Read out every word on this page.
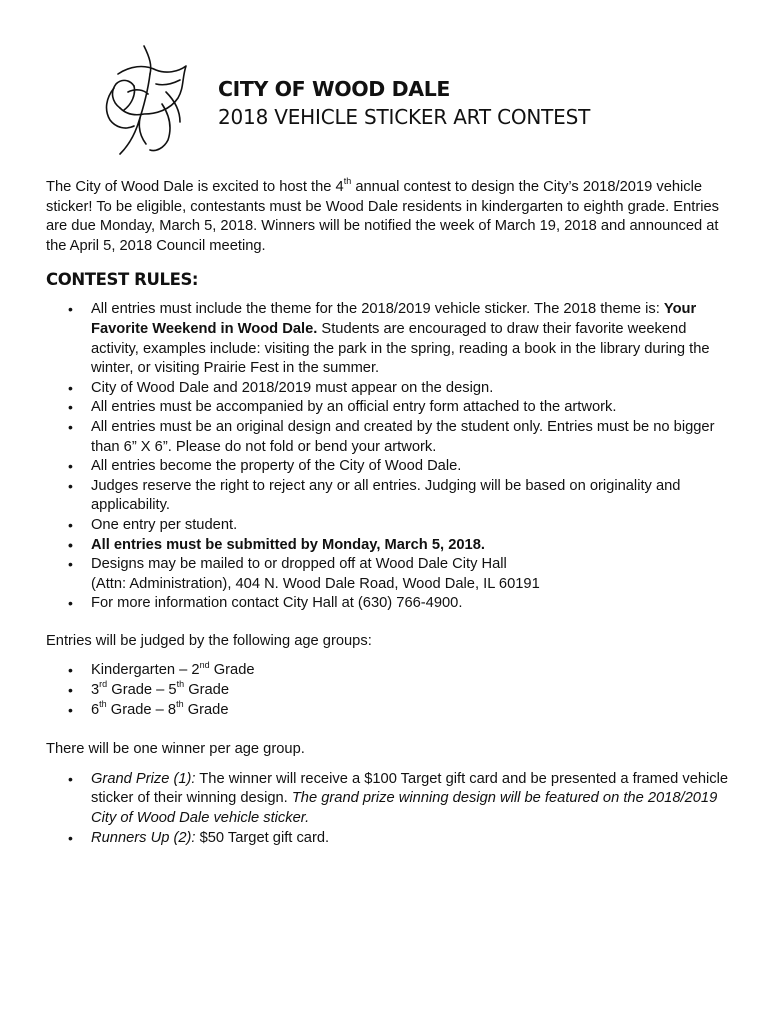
CITY OF WOOD DALE
2018 VEHICLE STICKER ART CONTEST

The City of Wood Dale is excited to host the 4th annual contest to design the City’s 2018/2019 vehicle sticker! To be eligible, contestants must be Wood Dale residents in kindergarten to eighth grade. Entries are due Monday, March 5, 2018. Winners will be notified the week of March 19, 2018 and announced at the April 5, 2018 Council meeting.

CONTEST RULES:
• All entries must include the theme for the 2018/2019 vehicle sticker. The 2018 theme is: Your Favorite Weekend in Wood Dale. Students are encouraged to draw their favorite weekend activity, examples include: visiting the park in the spring, reading a book in the library during the winter, or visiting Prairie Fest in the summer.
• City of Wood Dale and 2018/2019 must appear on the design.
• All entries must be accompanied by an official entry form attached to the artwork.
• All entries must be an original design and created by the student only. Entries must be no bigger than 6” X 6”. Please do not fold or bend your artwork.
• All entries become the property of the City of Wood Dale.
• Judges reserve the right to reject any or all entries. Judging will be based on originality and applicability.
• One entry per student.
• All entries must be submitted by Monday, March 5, 2018.
• Designs may be mailed to or dropped off at Wood Dale City Hall
(Attn: Administration), 404 N. Wood Dale Road, Wood Dale, IL 60191
• For more information contact City Hall at (630) 766-4900.

Entries will be judged by the following age groups:

• Kindergarten – 2nd Grade
• 3rd Grade – 5th Grade
• 6th Grade – 8th Grade

There will be one winner per age group.

• Grand Prize (1): The winner will receive a $100 Target gift card and be presented a framed vehicle sticker of their winning design. The grand prize winning design will be featured on the 2018/2019 City of Wood Dale vehicle sticker.
• Runners Up (2): $50 Target gift card.
